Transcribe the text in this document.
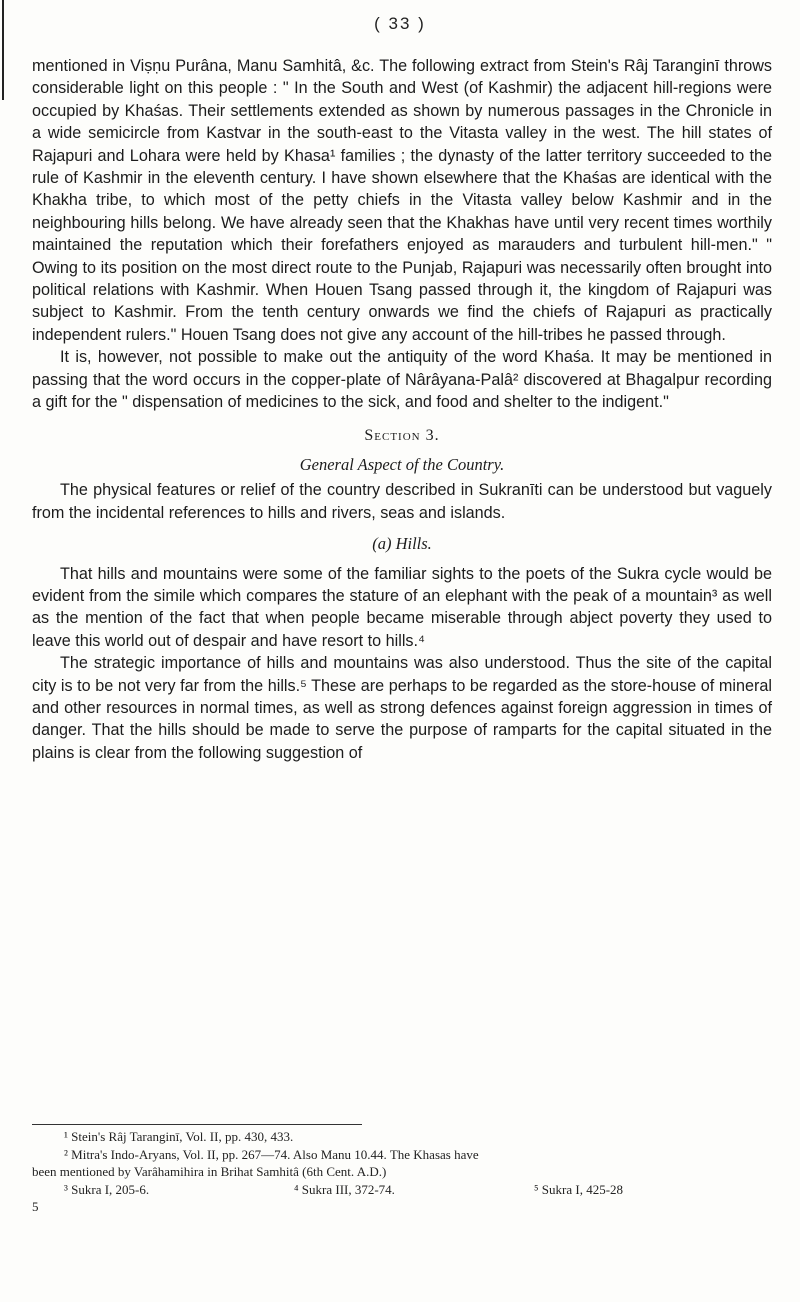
( 33 )

mentioned in Viṣṇu Purâna, Manu Samhitâ, &c. The following extract from Stein's Râj Taranginī throws considerable light on this people : " In the South and West (of Kashmir) the adjacent hill-regions were occupied by Khaśas. Their settlements extended as shown by numerous passages in the Chronicle in a wide semicircle from Kastvar in the south-east to the Vitasta valley in the west. The hill states of Rajapuri and Lohara were held by Khasa¹ families ; the dynasty of the latter territory succeeded to the rule of Kashmir in the eleventh century. I have shown elsewhere that the Khaśas are identical with the Khakha tribe, to which most of the petty chiefs in the Vitasta valley below Kashmir and in the neighbouring hills belong. We have already seen that the Khakhas have until very recent times worthily maintained the reputation which their forefathers enjoyed as marauders and turbulent hill-men." " Owing to its position on the most direct route to the Punjab, Rajapuri was necessarily often brought into political relations with Kashmir. When Houen Tsang passed through it, the kingdom of Rajapuri was subject to Kashmir. From the tenth century onwards we find the chiefs of Rajapuri as practically independent rulers." Houen Tsang does not give any account of the hill-tribes he passed through.

It is, however, not possible to make out the antiquity of the word Khaśa. It may be mentioned in passing that the word occurs in the copper-plate of Nârâyana-Palâ² discovered at Bhagalpur recording a gift for the " dispensation of medicines to the sick, and food and shelter to the indigent."

Section 3.
General Aspect of the Country.

The physical features or relief of the country described in Sukranīti can be understood but vaguely from the incidental references to hills and rivers, seas and islands.

(a) Hills.

That hills and mountains were some of the familiar sights to the poets of the Sukra cycle would be evident from the simile which compares the stature of an elephant with the peak of a mountain³ as well as the mention of the fact that when people became miserable through abject poverty they used to leave this world out of despair and have resort to hills.⁴

The strategic importance of hills and mountains was also understood. Thus the site of the capital city is to be not very far from the hills.⁵ These are perhaps to be regarded as the store-house of mineral and other resources in normal times, as well as strong defences against foreign aggression in times of danger. That the hills should be made to serve the purpose of ramparts for the capital situated in the plains is clear from the following suggestion of

¹ Stein's Râj Taranginī, Vol. II, pp. 430, 433.

² Mitra's Indo-Aryans, Vol. II, pp. 267—74. Also Manu 10.44. The Khasas have

been mentioned by Varâhamihira in Brihat Samhitâ (6th Cent. A.D.)

³ Sukra I, 205-6.	⁴ Sukra III, 372-74.	⁵ Sukra I, 425-28

5
